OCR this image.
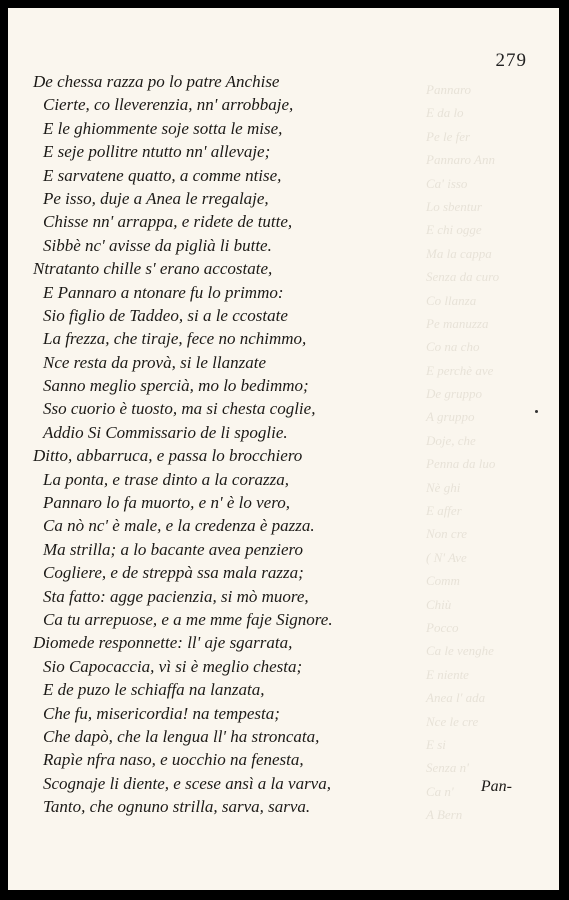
Pannaro
E da lo
Pe le fer
Pannaro Ann
Ca' isso
Lo sbentur
E chi ogge
Ma la cappa
Senza da curo
Co llanza
Pe manuzza
Co na cho
E perchè ave
De gruppo
A gruppo
Doje, che
Penna da luo
Nè ghi
E affer
Non cre
( N' Ave
Comm
Chiù
Pocco
Ca le venghe
E niente
Anea l' ada
Nce le cre
E si
Senza n'
Ca n'
A Bern
279
De chessa razza po lo patre Anchise
Cierte, co lleverenzia, nn' arrobbaje,
E le ghiommente soje sotta le mise,
E seje pollitre ntutto nn' allevaje;
E sarvatene quatto, a comme ntise,
Pe isso, duje a Anea le rregalaje,
Chisse nn' arrappa, e ridete de tutte,
Sibbè nc' avisse da piglià li butte.
Ntratanto chille s' erano accostate,
E Pannaro a ntonare fu lo primmo:
Sio figlio de Taddeo, si a le ccostate
La frezza, che tiraje, fece no nchimmo,
Nce resta da provà, si le llanzate
Sanno meglio spercià, mo lo bedimmo;
Sso cuorio è tuosto, ma si chesta coglie,
Addio Si Commissario de li spoglie.
Ditto, abbarruca, e passa lo brocchiero
La ponta, e trase dinto a la corazza,
Pannaro lo fa muorto, e n' è lo vero,
Ca nò nc' è male, e la credenza è pazza.
Ma strilla; a lo bacante avea penziero
Cogliere, e de streppà ssa mala razza;
Sta fatto: agge pacienzia, si mò muore,
Ca tu arrepuose, e a me mme faje Signore.
Diomede responnette: ll' aje sgarrata,
Sio Capocaccia, vì si è meglio chesta;
E de puzo le schiaffa na lanzata,
Che fu, misericordia! na tempesta;
Che dapò, che la lengua ll' ha stroncata,
Rapìe nfra naso, e uocchio na fenesta,
Scognaje li diente, e scese ansì a la varva,
Tanto, che ognuno strilla, sarva, sarva.
Pan-
